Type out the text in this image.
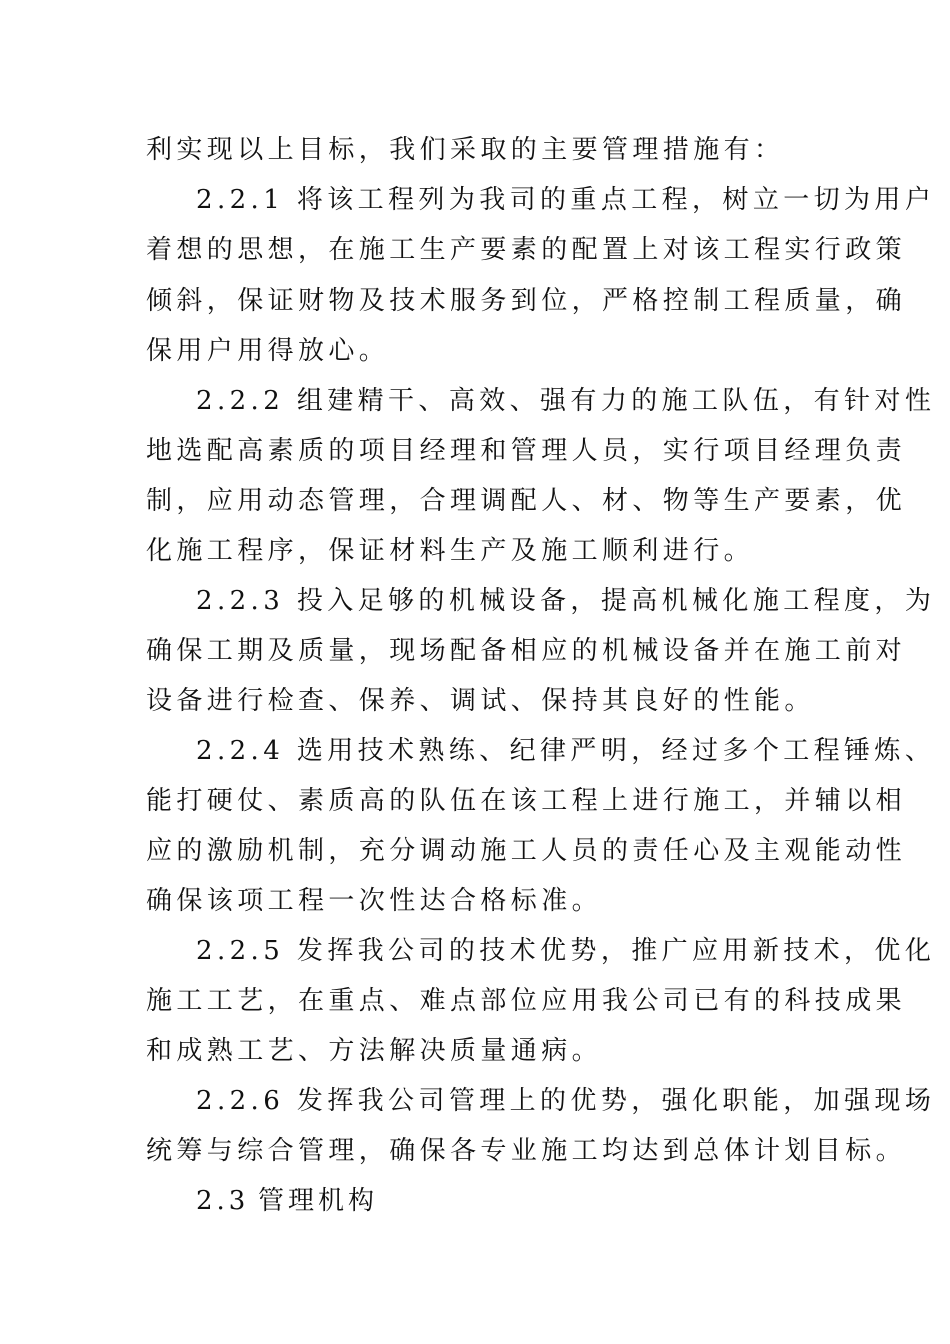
利实现以上目标，我们采取的主要管理措施有：
2.2.1 将该工程列为我司的重点工程，树立一切为用户
着想的思想，在施工生产要素的配置上对该工程实行政策
倾斜，保证财物及技术服务到位，严格控制工程质量，确
保用户用得放心。
2.2.2 组建精干、高效、强有力的施工队伍，有针对性
地选配高素质的项目经理和管理人员，实行项目经理负责
制，应用动态管理，合理调配人、材、物等生产要素，优
化施工程序，保证材料生产及施工顺利进行。
2.2.3 投入足够的机械设备，提高机械化施工程度，为
确保工期及质量，现场配备相应的机械设备并在施工前对
设备进行检查、保养、调试、保持其良好的性能。
2.2.4 选用技术熟练、纪律严明，经过多个工程锤炼、
能打硬仗、素质高的队伍在该工程上进行施工，并辅以相
应的激励机制，充分调动施工人员的责任心及主观能动性
确保该项工程一次性达合格标准。
2.2.5 发挥我公司的技术优势，推广应用新技术，优化
施工工艺，在重点、难点部位应用我公司已有的科技成果
和成熟工艺、方法解决质量通病。
2.2.6 发挥我公司管理上的优势，强化职能，加强现场
统筹与综合管理，确保各专业施工均达到总体计划目标。
2.3 管理机构
